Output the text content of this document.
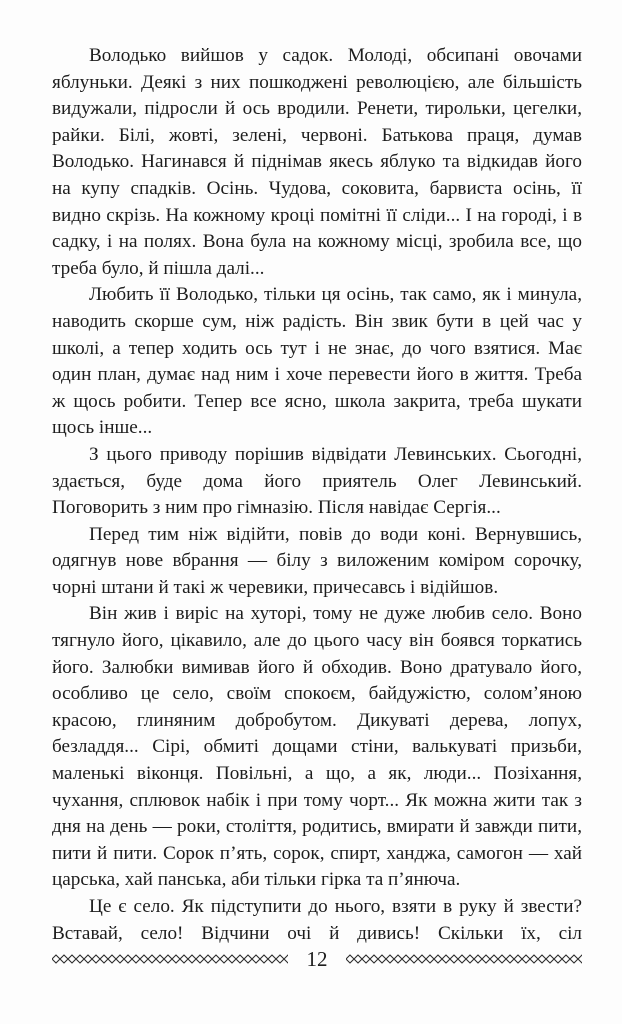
Володько вийшов у садок. Молоді, обсипані овочами яблуньки. Деякі з них пошкоджені революцією, але більшість видужали, підросли й ось вродили. Ренети, тирольки, цегелки, райки. Білі, жовті, зелені, червоні. Батькова праця, думав Володько. Нагинався й піднімав якесь яблуко та відкидав його на купу спадків. Осінь. Чудова, соковита, барвиста осінь, її видно скрізь. На кожному кроці помітні її сліди... І на городі, і в садку, і на полях. Вона була на кожному місці, зробила все, що треба було, й пішла далі...

Любить її Володько, тільки ця осінь, так само, як і минула, наводить скорше сум, ніж радість. Він звик бути в цей час у школі, а тепер ходить ось тут і не знає, до чого взятися. Має один план, думає над ним і хоче перевести його в життя. Треба ж щось робити. Тепер все ясно, школа закрита, треба шукати щось інше...

З цього приводу порішив відвідати Левинських. Сьогодні, здається, буде дома його приятель Олег Левинський. Поговорить з ним про гімназію. Після навідає Сергія...

Перед тим ніж відійти, повів до води коні. Вернувшись, одягнув нове вбрання — білу з виложеним коміром сорочку, чорні штани й такі ж черевики, причесавсь і відійшов.

Він жив і виріс на хуторі, тому не дуже любив село. Воно тягнуло його, цікавило, але до цього часу він боявся торкатись його. Залюбки вимивав його й обходив. Воно дратувало його, особливо це село, своїм спокоєм, байдужістю, солом’яною красою, глиняним добробутом. Дикуваті дерева, лопух, безладдя... Сірі, обмиті дощами стіни, валькуваті призьби, маленькі віконця. Повільні, а що, а як, люди... Позіхання, чухання, сплювок набік і при тому чорт... Як можна жити так з дня на день — роки, століття, родитись, вмирати й завжди пити, пити й пити. Сорок п’ять, сорок, спирт, ханджа, самогон — хай царська, хай панська, аби тільки гірка та п’янюча.

Це є село. Як підступити до нього, взяти в руку й звести? Вставай, село! Відчини очі й дивись! Скільки їх, сіл

12
